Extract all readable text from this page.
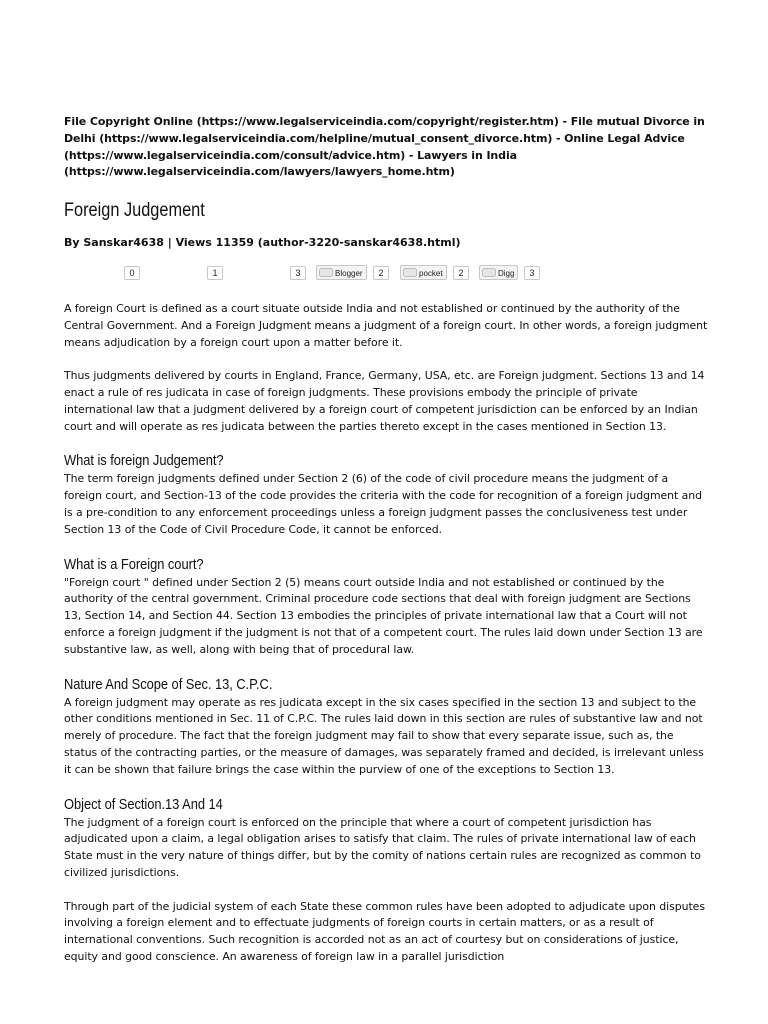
File Copyright Online (https://www.legalserviceindia.com/copyright/register.htm) - File mutual Divorce in Delhi (https://www.legalserviceindia.com/helpline/mutual_consent_divorce.htm) - Online Legal Advice (https://www.legalserviceindia.com/consult/advice.htm) - Lawyers in India (https://www.legalserviceindia.com/lawyers/lawyers_home.htm)
Foreign Judgement
By Sanskar4638 | Views 11359 (author-3220-sanskar4638.html)
0	1	3	Blogger	2	pocket	2	Digg	3

A foreign Court is defined as a court situate outside India and not established or continued by the authority of the Central Government. And a Foreign Judgment means a judgment of a foreign court. In other words, a foreign judgment means adjudication by a foreign court upon a matter before it.

Thus judgments delivered by courts in England, France, Germany, USA, etc. are Foreign judgment. Sections 13 and 14 enact a rule of res judicata in case of foreign judgments. These provisions embody the principle of private international law that a judgment delivered by a foreign court of competent jurisdiction can be enforced by an Indian court and will operate as res judicata between the parties thereto except in the cases mentioned in Section 13.

What is foreign Judgement?

The term foreign judgments defined under Section 2 (6) of the code of civil procedure means the judgment of a foreign court, and Section-13 of the code provides the criteria with the code for recognition of a foreign judgment and is a pre-condition to any enforcement proceedings unless a foreign judgment passes the conclusiveness test under Section 13 of the Code of Civil Procedure Code, it cannot be enforced.

What is a Foreign court?

"Foreign court " defined under Section 2 (5) means court outside India and not established or continued by the authority of the central government. Criminal procedure code sections that deal with foreign judgment are Sections 13, Section 14, and Section 44. Section 13 embodies the principles of private international law that a Court will not enforce a foreign judgment if the judgment is not that of a competent court. The rules laid down under Section 13 are substantive law, as well, along with being that of procedural law.

Nature And Scope of Sec. 13, C.P.C.

A foreign judgment may operate as res judicata except in the six cases specified in the section 13 and subject to the other conditions mentioned in Sec. 11 of C.P.C. The rules laid down in this section are rules of substantive law and not merely of procedure. The fact that the foreign judgment may fail to show that every separate issue, such as, the status of the contracting parties, or the measure of damages, was separately framed and decided, is irrelevant unless it can be shown that failure brings the case within the purview of one of the exceptions to Section 13.

Object of Section.13 And 14

The judgment of a foreign court is enforced on the principle that where a court of competent jurisdiction has adjudicated upon a claim, a legal obligation arises to satisfy that claim. The rules of private international law of each State must in the very nature of things differ, but by the comity of nations certain rules are recognized as common to civilized jurisdictions.

Through part of the judicial system of each State these common rules have been adopted to adjudicate upon disputes involving a foreign element and to effectuate judgments of foreign courts in certain matters, or as a result of international conventions. Such recognition is accorded not as an act of courtesy but on considerations of justice, equity and good conscience. An awareness of foreign law in a parallel jurisdiction
